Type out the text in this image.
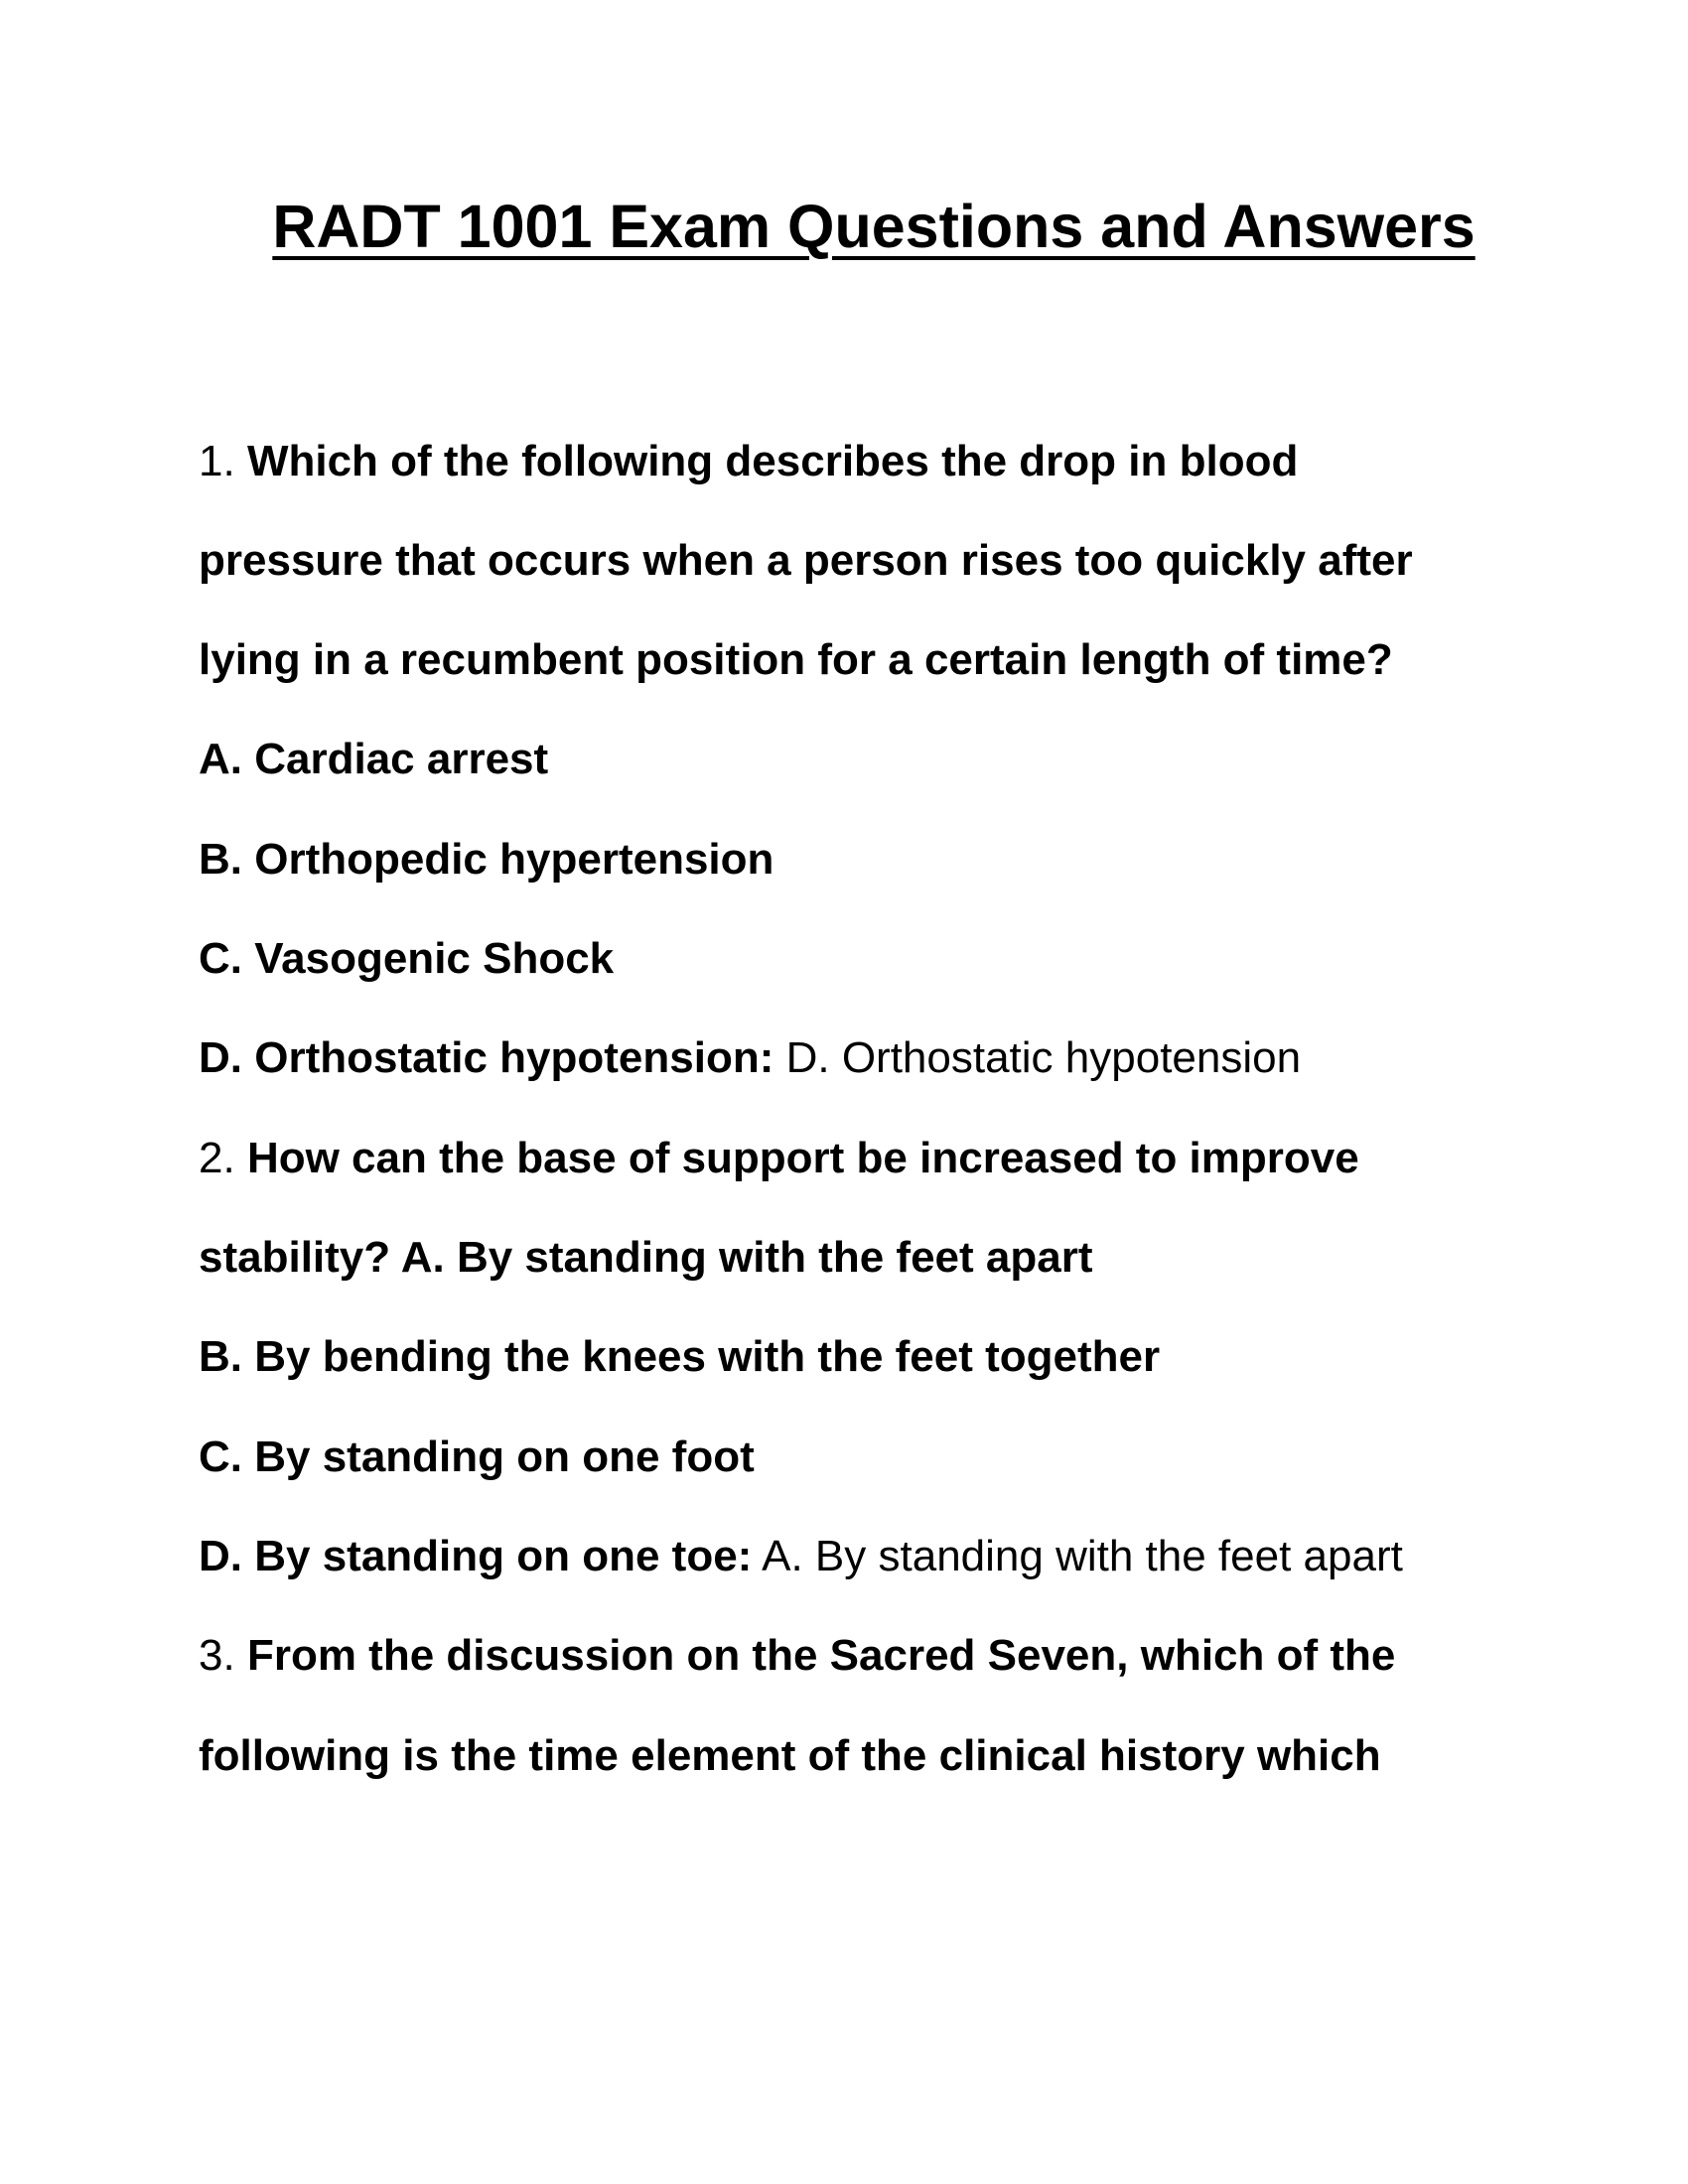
RADT 1001 Exam Questions and Answers
1. Which of the following describes the drop in blood
pressure that occurs when a person rises too quickly after
lying in a recumbent position for a certain length of time?
A. Cardiac arrest
B. Orthopedic hypertension
C. Vasogenic Shock
D. Orthostatic hypotension: D. Orthostatic hypotension
2. How can the base of support be increased to improve
stability? A. By standing with the feet apart
B. By bending the knees with the feet together
C. By standing on one foot
D. By standing on one toe: A. By standing with the feet apart
3. From the discussion on the Sacred Seven, which of the
following is the time element of the clinical history which
